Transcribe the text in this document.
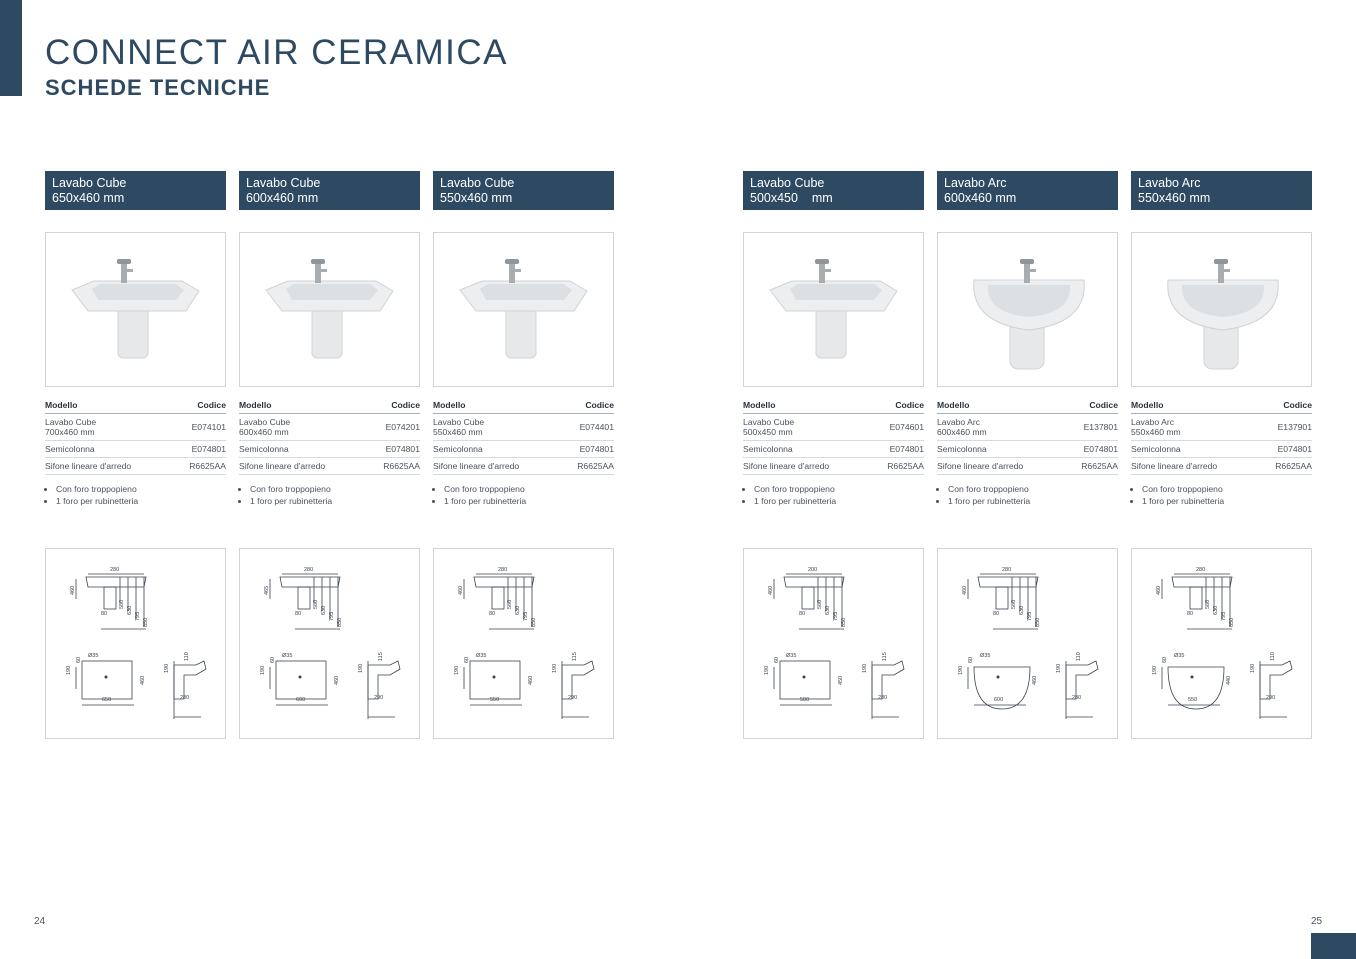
CONNECT AIR CERAMICA
SCHEDE TECNICHE
Lavabo Cube
650x460 mm
Modello	Codice
Lavabo Cube
700x460 mm	E074101
Semicolonna	E074801
Sifone lineare d'arredo	R6625AA
• Con foro troppopieno
• 1 foro per rubinetteria
280
460
580
630
795
850
80
Ø35
190
60
460
650
190
110
280
Lavabo Cube
600x460 mm
Modello	Codice
Lavabo Cube
600x460 mm	E074201
Semicolonna	E074801
Sifone lineare d'arredo	R6625AA
• Con foro troppopieno
• 1 foro per rubinetteria
280
465
580
630
795
850
80
Ø35
190
60
460
600
190
115
290
Lavabo Cube
550x460 mm
Modello	Codice
Lavabo Cube
550x460 mm	E074401
Semicolonna	E074801
Sifone lineare d'arredo	R6625AA
• Con foro troppopieno
• 1 foro per rubinetteria
280
460
580
630
795
850
80
Ø35
190
60
460
550
190
115
290
Lavabo Cube
500x450    mm
Modello	Codice
Lavabo Cube
500x450 mm	E074601
Semicolonna	E074801
Sifone lineare d'arredo	R6625AA
• Con foro troppopieno
• 1 foro per rubinetteria
200
460
580
630
795
850
80
Ø35
190
60
450
500
190
115
280
Lavabo Arc
600x460 mm
Modello	Codice
Lavabo Arc
600x460 mm	E137801
Semicolonna	E074801
Sifone lineare d'arredo	R6625AA
• Con foro troppopieno
• 1 foro per rubinetteria
280
460
580
630
795
850
80
Ø35
190
60
460
600
190
110
280
Lavabo Arc
550x460 mm
Modello	Codice
Lavabo Arc
550x460 mm	E137901
Semicolonna	E074801
Sifone lineare d'arredo	R6625AA
• Con foro troppopieno
• 1 foro per rubinetteria
280
460
580
630
795
850
80
Ø35
190
60
440
550
190
110
290
24	25
